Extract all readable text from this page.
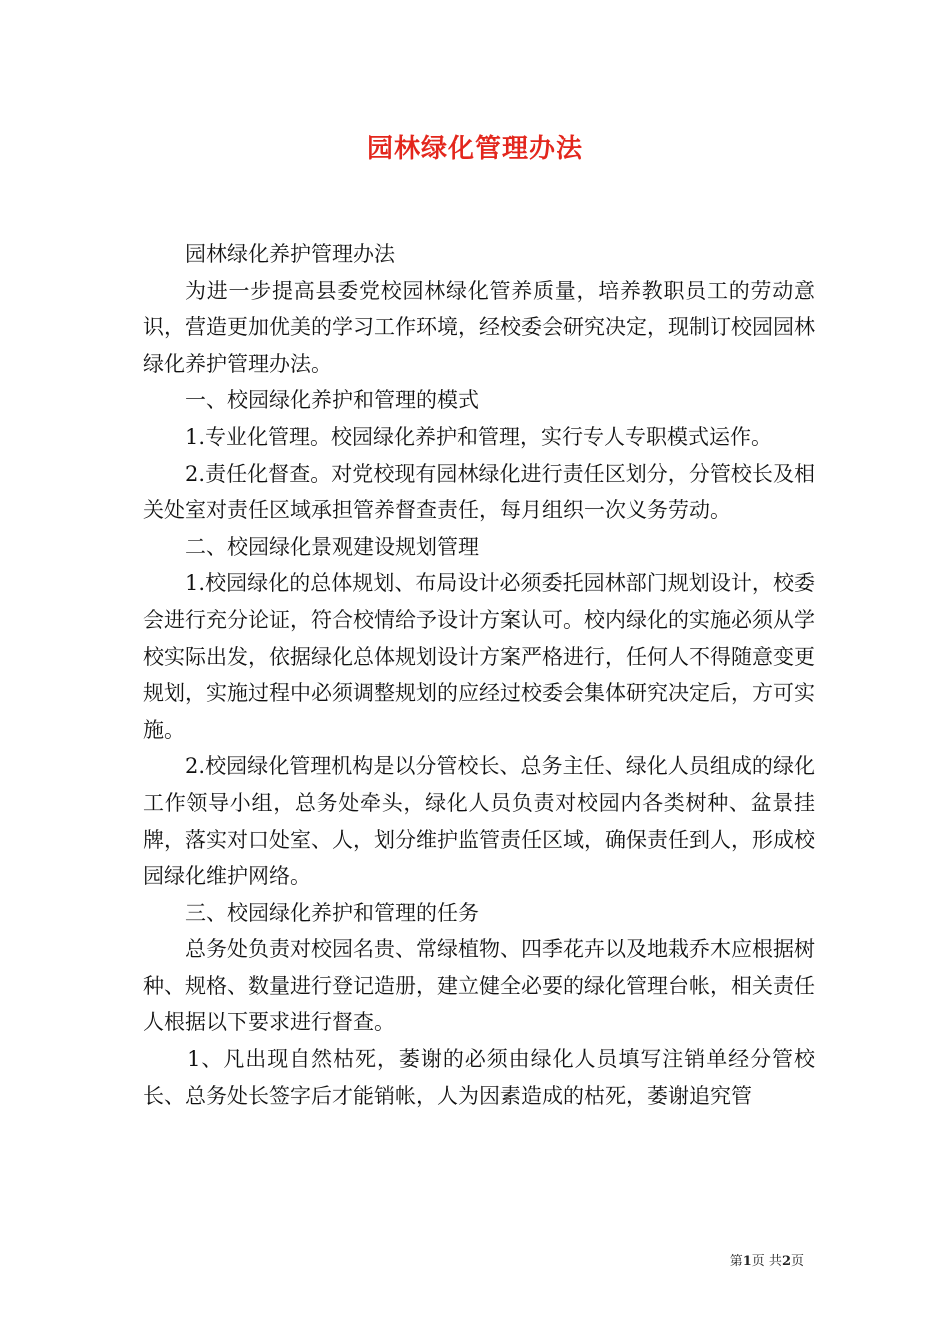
园林绿化管理办法

园林绿化养护管理办法

为进一步提高县委党校园林绿化管养质量，培养教职员工的劳动意识，营造更加优美的学习工作环境，经校委会研究决定，现制订校园园林绿化养护管理办法。

一、校园绿化养护和管理的模式

1.专业化管理。校园绿化养护和管理，实行专人专职模式运作。

2.责任化督查。对党校现有园林绿化进行责任区划分，分管校长及相关处室对责任区域承担管养督查责任，每月组织一次义务劳动。

二、校园绿化景观建设规划管理

1.校园绿化的总体规划、布局设计必须委托园林部门规划设计，校委会进行充分论证，符合校情给予设计方案认可。校内绿化的实施必须从学校实际出发，依据绿化总体规划设计方案严格进行，任何人不得随意变更规划，实施过程中必须调整规划的应经过校委会集体研究决定后，方可实施。

2.校园绿化管理机构是以分管校长、总务主任、绿化人员组成的绿化工作领导小组，总务处牵头，绿化人员负责对校园内各类树种、盆景挂牌，落实对口处室、人，划分维护监管责任区域，确保责任到人，形成校园绿化维护网络。

三、校园绿化养护和管理的任务

总务处负责对校园名贵、常绿植物、四季花卉以及地栽乔木应根据树种、规格、数量进行登记造册，建立健全必要的绿化管理台帐，相关责任人根据以下要求进行督查。

1、凡出现自然枯死，萎谢的必须由绿化人员填写注销单经分管校长、总务处长签字后才能销帐，人为因素造成的枯死，萎谢追究管

第1页 共2页
